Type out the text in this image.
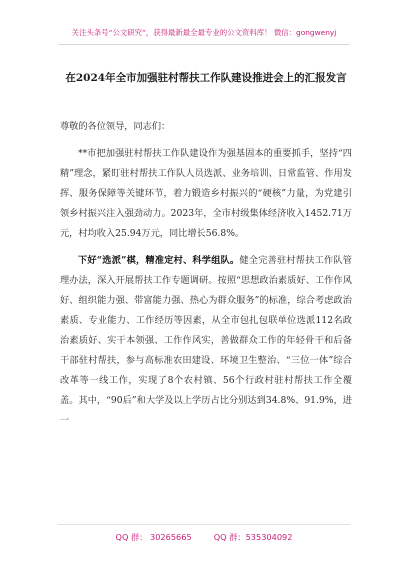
关注头条号“公文研究”，获得最新最全最专业的公文资料库！ 微信：gongwenyj
在2024年全市加强驻村帮扶工作队建设推进会上的汇报发言

尊敬的各位领导，同志们：

**市把加强驻村帮扶工作队建设作为强基固本的重要抓手，坚持“四精”理念，紧盯驻村帮扶工作队人员选派、业务培训、日常监管、作用发挥、服务保障等关键环节，着力锻造乡村振兴的“硬核”力量，为党建引领乡村振兴注入强劲动力。2023年，全市村级集体经济收入1452.71万元，村均收入25.94万元，同比增长56.8%。

下好“选派”棋，精准定村、科学组队。健全完善驻村帮扶工作队管理办法，深入开展帮扶工作专题调研。按照“思想政治素质好、工作作风好、组织能力强、带富能力强、热心为群众服务”的标准，综合考虑政治素质、专业能力、工作经历等因素，从全市包扎包联单位选派112名政治素质好、实干本领强、工作作风实，善做群众工作的年轻骨干和后备干部驻村帮扶，参与高标准农田建设、环境卫生整治、“三位一体”综合改革等一线工作，实现了8个农村镇、56个行政村驻村帮扶工作全覆盖。其中，“90后”和大学及以上学历占比分别达到34.8%、91.9%，进一

QQ 群： 30265665	QQ 群：535304092
